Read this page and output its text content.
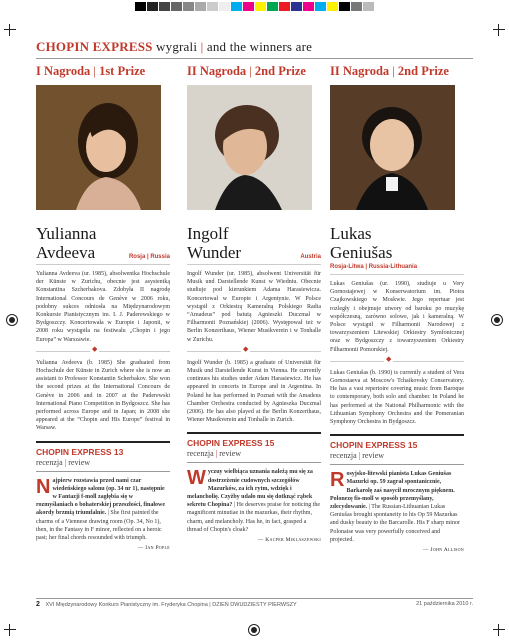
CHOPIN EXPRESS wygrali | and the winners are
I Nagroda | 1st Prize
Yulianna
Avdeeva	Rosja | Russia
Yulianna Avdeeva (ur. 1985), absolwentka Hochschule der Künste w Zurichu, obecnie jest asystentką Konstantina Szcherbakova. Zdobyła II nagrodę International Concours de Genève w 2006 roku, podobny sukces odniosła na Międzynarodowym Konkursie Pianistycznym im. I. J. Paderewskiego w Bydgoszczy. Koncertowała w Europie i Japonii, w 2008 roku wystąpiła na festiwalu „Chopin i jego Europa” w Warszawie.
◆
Yulianna Avdeeva (b. 1985) She graduated from Hochschule der Künste in Zurich where she is now an assistant to Professor Konstantin Scherbakov. She won the second prizes at the International Concours de Genève in 2006 and in 2007 at the Paderewski International Piano Competition in Bydgoszcz. She has performed across Europe and in Japan; in 2008 she appeared at the “Chopin and His Europe” festival in Warsaw.
CHOPIN EXPRESS 13
recenzja | review
Najpierw rozstawia przed nami czar wiedeńskiego salonu (op. 34 nr 1), następnie w Fantazji f-moll zagłębia się w rozmyślaniach o bohaterskiej przeszłości, finałowe akordy brzmią triumfalnie. | She first painted the charms of a Viennese drawing room (Op. 34, No 1), then, in the Fantasy in F minor, reflected on a heroic past; her final chords resounded with triumph.
— Ian Pople
II Nagroda | 2nd Prize
Ingolf
Wunder	Austria
Ingolf Wunder (ur. 1985), absolwent Universität für Musik und Darstellende Kunst w Wiedniu. Obecnie studiuje pod kierunkiem Adama Harasiewicza. Koncertował w Europie i Argentynie. W Polsce wystąpił z Orkiestrą Kameralną Polskiego Radia “Amadeus” pod batutą Agnieszki Duczmal w Filharmonii Poznańskiej (2006). Występował też w Berlin Konzerthaus, Wiener Musikverein i w Tonhalle w Zurichu.
◆
Ingolf Wunder (b. 1985) a graduate of Universität für Musik und Darstellende Kunst in Vienna. He currently continues his studies under Adam Harasiewicz. He has appeared in concerts in Europe and in Argentina. In Poland he has performed in Poznań with the Amadeus Chamber Orchestra conducted by Agnieszka Duczmal (2006). He has also played at the Berlin Konzerthaus, Wiener Musikverein and Tonhalle in Zurich.
CHOPIN EXPRESS 15
recenzja | review
Wyczuy wielbiąca uznania należą mu się za dostrzeżenie cudownych szczegółów Mazurków, za ich rytm, wdzięk i melancholię. Czyżby udało mu się dotknąć rąbek sekretu Chopina? | He deserves praise for noticing the magnificent minutiae in the mazurkas, their rhythm, charm, and melancholy. Has he, in fact, grasped a thread of Chopin's cloak?
— Kacper Miklaszewski
II Nagroda | 2nd Prize
Lukas
Geniušas
Rosja-Litwa | Russia-Lithuania
Lukas Geniušas (ur. 1990), studiuje u Very Gornostajewej w Konserwatorium im. Piotra Czajkowskiego w Moskwie. Jego repertuar jest rozległy i obejmuje utwory od baroku po muzykę współczesną, zarówno solowe, jak i kameralną. W Polsce wystąpił w Filharmonii Narodowej z towarzyszeniem Litewskiej Orkiestry Symfonicznej oraz w Bydgoszczy z towarzyszeniem Orkiestry Filharmonii Pomorskiej.
◆
Lukas Geniušas (b. 1990) is currently a student of Vera Gornostaeva at Moscow's Tchaikovsky Conservatory. He has a vast repertoire covering music from Baroque to contemporary, both solo and chamber. In Poland he has performed at the National Philharmonic with the Lithuanian Symphony Orchestra and the Pomeranian Symphony Orchestra in Bydgoszcz.
CHOPIN EXPRESS 15
recenzja | review
Rosyjsko-litewski pianista Lukas Geniušas Mazurki op. 59 zagrał spontanicznie, Barkarolę zaś nasycił mrocznym pięknem. Polonezę fis-moll w sposób przemyślany, zdecydowanie. | The Russian-Lithuanian Lukas Geniušas brought spontaneity to his Op 59 Mazurkas and dusky beauty to the Barcarolle. His F sharp minor Polonaise was very powerfully conceived and projected.
— John Allison
2 XVI Międzynarodowy Konkurs Pianistyczny im. Fryderyka Chopina | DZIEŃ DWUDZIESTY PIERWSZY	21 października 2010 r.
